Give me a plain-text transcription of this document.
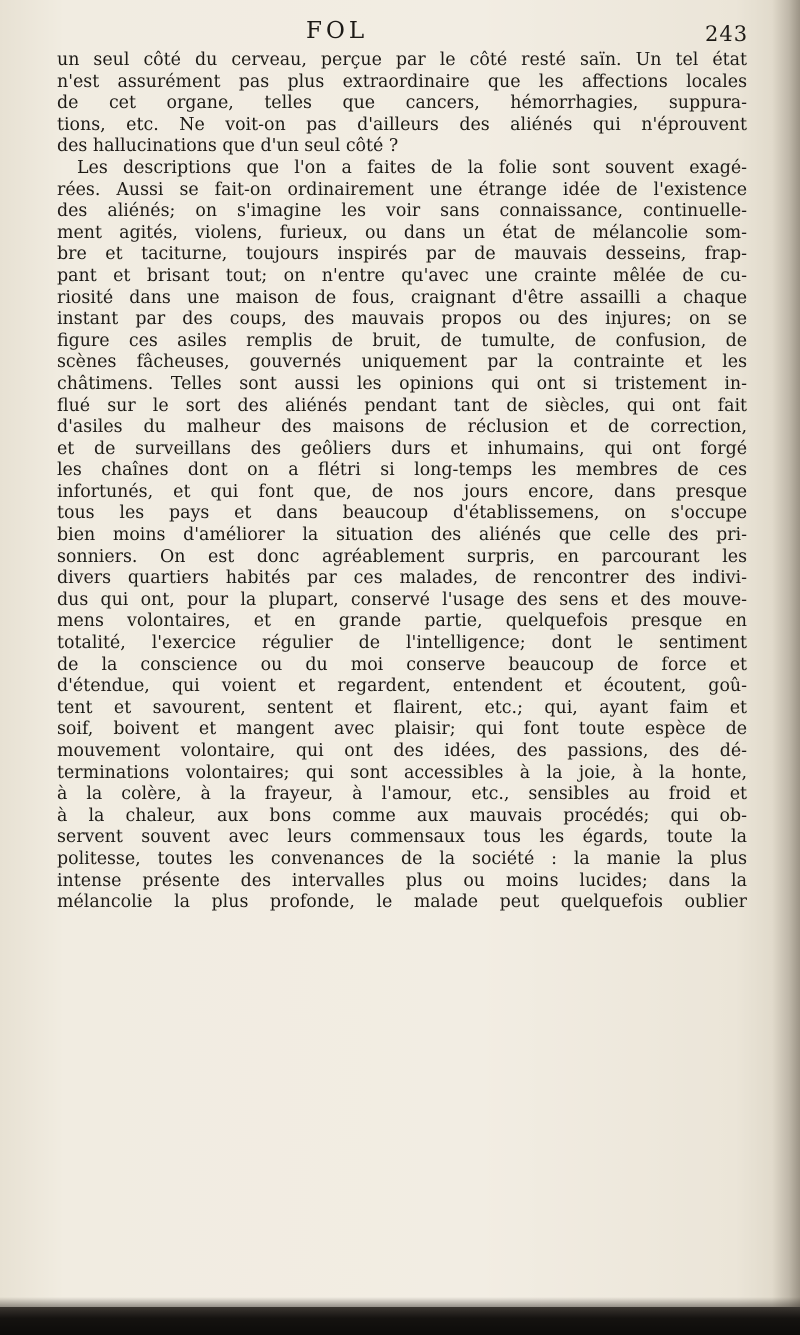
FOL	243
un seul côté du cerveau, perçue par le côté resté saïn. Un tel état
n'est assurément pas plus extraordinaire que les affections locales
de cet organe, telles que cancers, hémorrhagies, suppura-
tions, etc. Ne voit-on pas d'ailleurs des aliénés qui n'éprouvent
des hallucinations que d'un seul côté ?
Les descriptions que l'on a faites de la folie sont souvent exagé-
rées. Aussi se fait-on ordinairement une étrange idée de l'existence
des aliénés; on s'imagine les voir sans connaissance, continuelle-
ment agités, violens, furieux, ou dans un état de mélancolie som-
bre et taciturne, toujours inspirés par de mauvais desseins, frap-
pant et brisant tout; on n'entre qu'avec une crainte mêlée de cu-
riosité dans une maison de fous, craignant d'être assailli a chaque
instant par des coups, des mauvais propos ou des injures; on se
figure ces asiles remplis de bruit, de tumulte, de confusion, de
scènes fâcheuses, gouvernés uniquement par la contrainte et les
châtimens. Telles sont aussi les opinions qui ont si tristement in-
flué sur le sort des aliénés pendant tant de siècles, qui ont fait
d'asiles du malheur des maisons de réclusion et de correction,
et de surveillans des geôliers durs et inhumains, qui ont forgé
les chaînes dont on a flétri si long-temps les membres de ces
infortunés, et qui font que, de nos jours encore, dans presque
tous les pays et dans beaucoup d'établissemens, on s'occupe
bien moins d'améliorer la situation des aliénés que celle des pri-
sonniers. On est donc agréablement surpris, en parcourant les
divers quartiers habités par ces malades, de rencontrer des indivi-
dus qui ont, pour la plupart, conservé l'usage des sens et des mouve-
mens volontaires, et en grande partie, quelquefois presque en
totalité, l'exercice régulier de l'intelligence; dont le sentiment
de la conscience ou du moi conserve beaucoup de force et
d'étendue, qui voient et regardent, entendent et écoutent, goû-
tent et savourent, sentent et flairent, etc.; qui, ayant faim et
soif, boivent et mangent avec plaisir; qui font toute espèce de
mouvement volontaire, qui ont des idées, des passions, des dé-
terminations volontaires; qui sont accessibles à la joie, à la honte,
à la colère, à la frayeur, à l'amour, etc., sensibles au froid et
à la chaleur, aux bons comme aux mauvais procédés; qui ob-
servent souvent avec leurs commensaux tous les égards, toute la
politesse, toutes les convenances de la société : la manie la plus
intense présente des intervalles plus ou moins lucides; dans la
mélancolie la plus profonde, le malade peut quelquefois oublier
